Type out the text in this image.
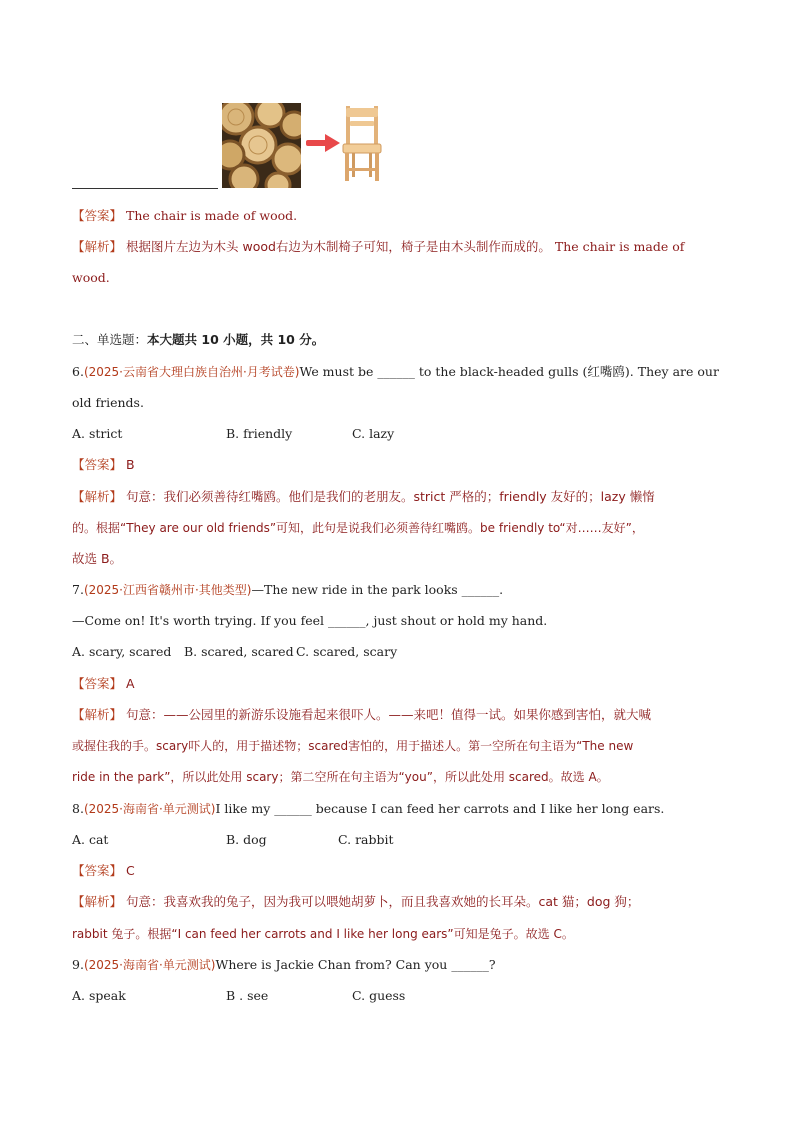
【答案】 The chair is made of wood.
【解析】 根据图片左边为木头 wood右边为木制椅子可知，椅子是由木头制作而成的。 The chair is made of
wood.
二、单选题：本大题共 10 小题，共 10 分。
6.(2025·云南省大理白族自治州·月考试卷)We must be ______ to the black-headed gulls (红嘴鸥). They are our
old friends.
A. strict	B. friendly	C. lazy
【答案】 B
【解析】 句意：我们必须善待红嘴鸥。他们是我们的老朋友。strict 严格的；friendly 友好的；lazy 懒惰
的。根据“They are our old friends”可知，此句是说我们必须善待红嘴鸥。be friendly to“对……友好”，
故选 B。
7.(2025·江西省赣州市·其他类型)—The new ride in the park looks ______.
—Come on! It's worth trying. If you feel ______, just shout or hold my hand.
A. scary, scared B. scared, scared C. scared, scary
【答案】 A
【解析】 句意：——公园里的新游乐设施看起来很吓人。——来吧！值得一试。如果你感到害怕，就大喊
或握住我的手。scary吓人的，用于描述物；scared害怕的，用于描述人。第一空所在句主语为“The new
ride in the park”，所以此处用 scary；第二空所在句主语为“you”，所以此处用 scared。故选 A。
8.(2025·海南省·单元测试)I like my ______ because I can feed her carrots and I like her long ears.
A. cat	B. dog	C. rabbit
【答案】 C
【解析】 句意：我喜欢我的兔子，因为我可以喂她胡萝卜，而且我喜欢她的长耳朵。cat 猫；dog 狗；
rabbit 兔子。根据“I can feed her carrots and I like her long ears”可知是兔子。故选 C。
9.(2025·海南省·单元测试)Where is Jackie Chan from? Can you ______?
A. speak	B . see	C. guess
